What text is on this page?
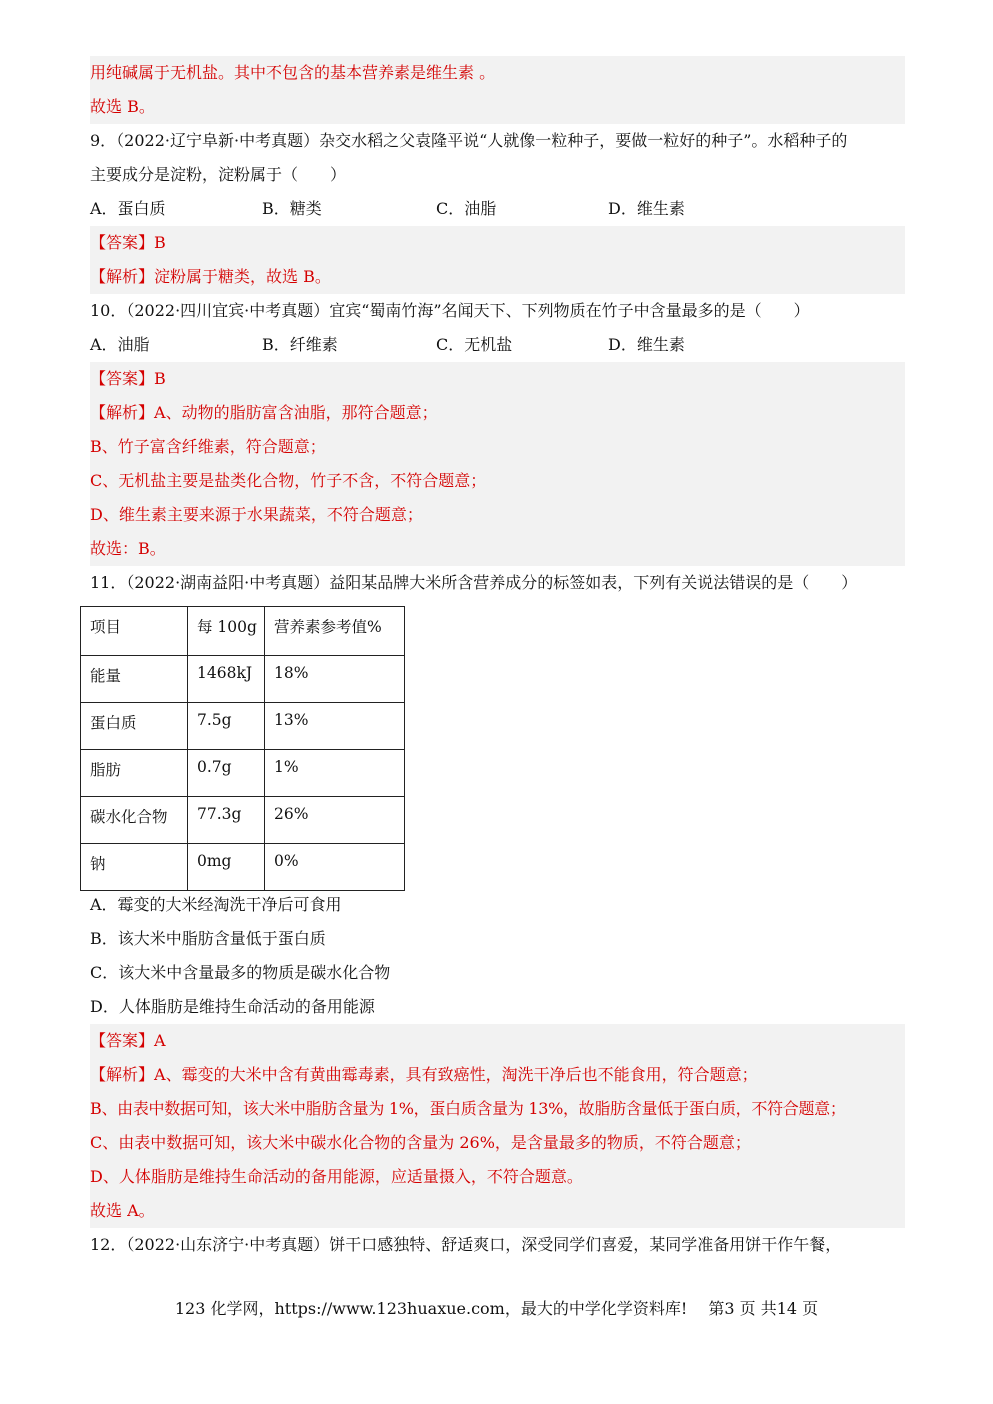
用纯碱属于无机盐。其中不包含的基本营养素是维生素 。
故选 B。
9．（2022·辽宁阜新·中考真题）杂交水稻之父袁隆平说“人就像一粒种子，要做一粒好的种子”。水稻种子的
主要成分是淀粉，淀粉属于（　　）
A．蛋白质	B．糖类	C．油脂	D．维生素
【答案】B
【解析】淀粉属于糖类，故选 B。
10．（2022·四川宜宾·中考真题）宜宾“蜀南竹海”名闻天下、下列物质在竹子中含量最多的是（　　）
A．油脂	B．纤维素	C．无机盐	D．维生素
【答案】B
【解析】A、动物的脂肪富含油脂，那符合题意；
B、竹子富含纤维素，符合题意；
C、无机盐主要是盐类化合物，竹子不含，不符合题意；
D、维生素主要来源于水果蔬菜，不符合题意；
故选：B。
11．（2022·湖南益阳·中考真题）益阳某品牌大米所含营养成分的标签如表，下列有关说法错误的是（　　）
项目	每 100g	营养素参考值%
能量	1468kJ	18%
蛋白质	7.5g	13%
脂肪	0.7g	1%
碳水化合物	77.3g	26%
钠	0mg	0%
A．霉变的大米经淘洗干净后可食用
B．该大米中脂肪含量低于蛋白质
C．该大米中含量最多的物质是碳水化合物
D．人体脂肪是维持生命活动的备用能源
【答案】A
【解析】A、霉变的大米中含有黄曲霉毒素，具有致癌性，淘洗干净后也不能食用，符合题意；
B、由表中数据可知，该大米中脂肪含量为 1%，蛋白质含量为 13%，故脂肪含量低于蛋白质，不符合题意；
C、由表中数据可知，该大米中碳水化合物的含量为 26%，是含量最多的物质，不符合题意；
D、人体脂肪是维持生命活动的备用能源，应适量摄入，不符合题意。
故选 A。
12．（2022·山东济宁·中考真题）饼干口感独特、舒适爽口，深受同学们喜爱，某同学准备用饼干作午餐，
123 化学网，https://www.123huaxue.com，最大的中学化学资料库!　 第3 页 共14 页
